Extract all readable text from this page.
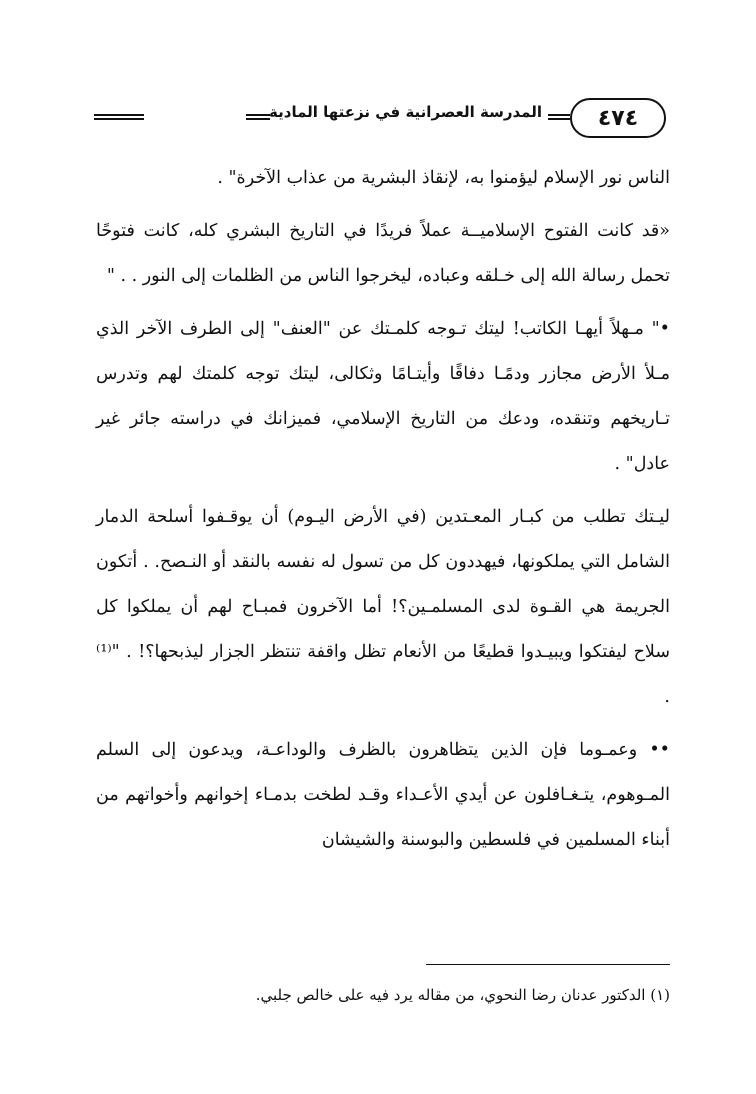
٤٧٤
المدرسة العصرانية في نزعتها المادية

الناس نور الإسلام ليؤمنوا به، لإنقاذ البشرية من عذاب الآخرة" .

«قد كانت الفتوح الإسلاميــة عملاً فريدًا في التاريخ البشري كله، كانت فتوحًا تحمل رسالة الله إلى خـلقه وعباده، ليخرجوا الناس من الظلمات إلى النور . . "

•" مـهلاً أيهـا الكاتب! ليتك تـوجه كلمـتك عن "العنف" إلى الطرف الآخر الذي مـلأ الأرض مجازر ودمًـا دفاقًا وأيتـامًا وثكالى، ليتك توجه كلمتك لهم وتدرس تـاريخهم وتنقده، ودعك من التاريخ الإسلامي، فميزانك في دراسته جائر غير عادل" .

ليـتك تطلب من كبـار المعـتدين (في الأرض اليـوم) أن يوقـفوا أسلحة الدمار الشامل التي يملكونها، فيهددون كل من تسول له نفسه بالنقد أو النـصح. . أتكون الجريمة هي القـوة لدى المسلمـين؟! أما الآخرون فمبـاح لهم أن يملكوا كل سلاح ليفتكوا ويبيـدوا قطيعًا من الأنعام تظل واقفة تنتظر الجزار ليذبحها؟! . "⁽¹⁾ .

•• وعمـوما فإن الذين يتظاهرون بالظرف والوداعـة، ويدعون إلى السلم المـوهوم، يتـغـافلون عن أيدي الأعـداء وقـد لطخت بدمـاء إخوانهم وأخواتهم من أبناء المسلمين في فلسطين والبوسنة والشيشان

(١) الدكتور عدنان رضا النحوي، من مقاله يرد فيه على خالص جلبي.
